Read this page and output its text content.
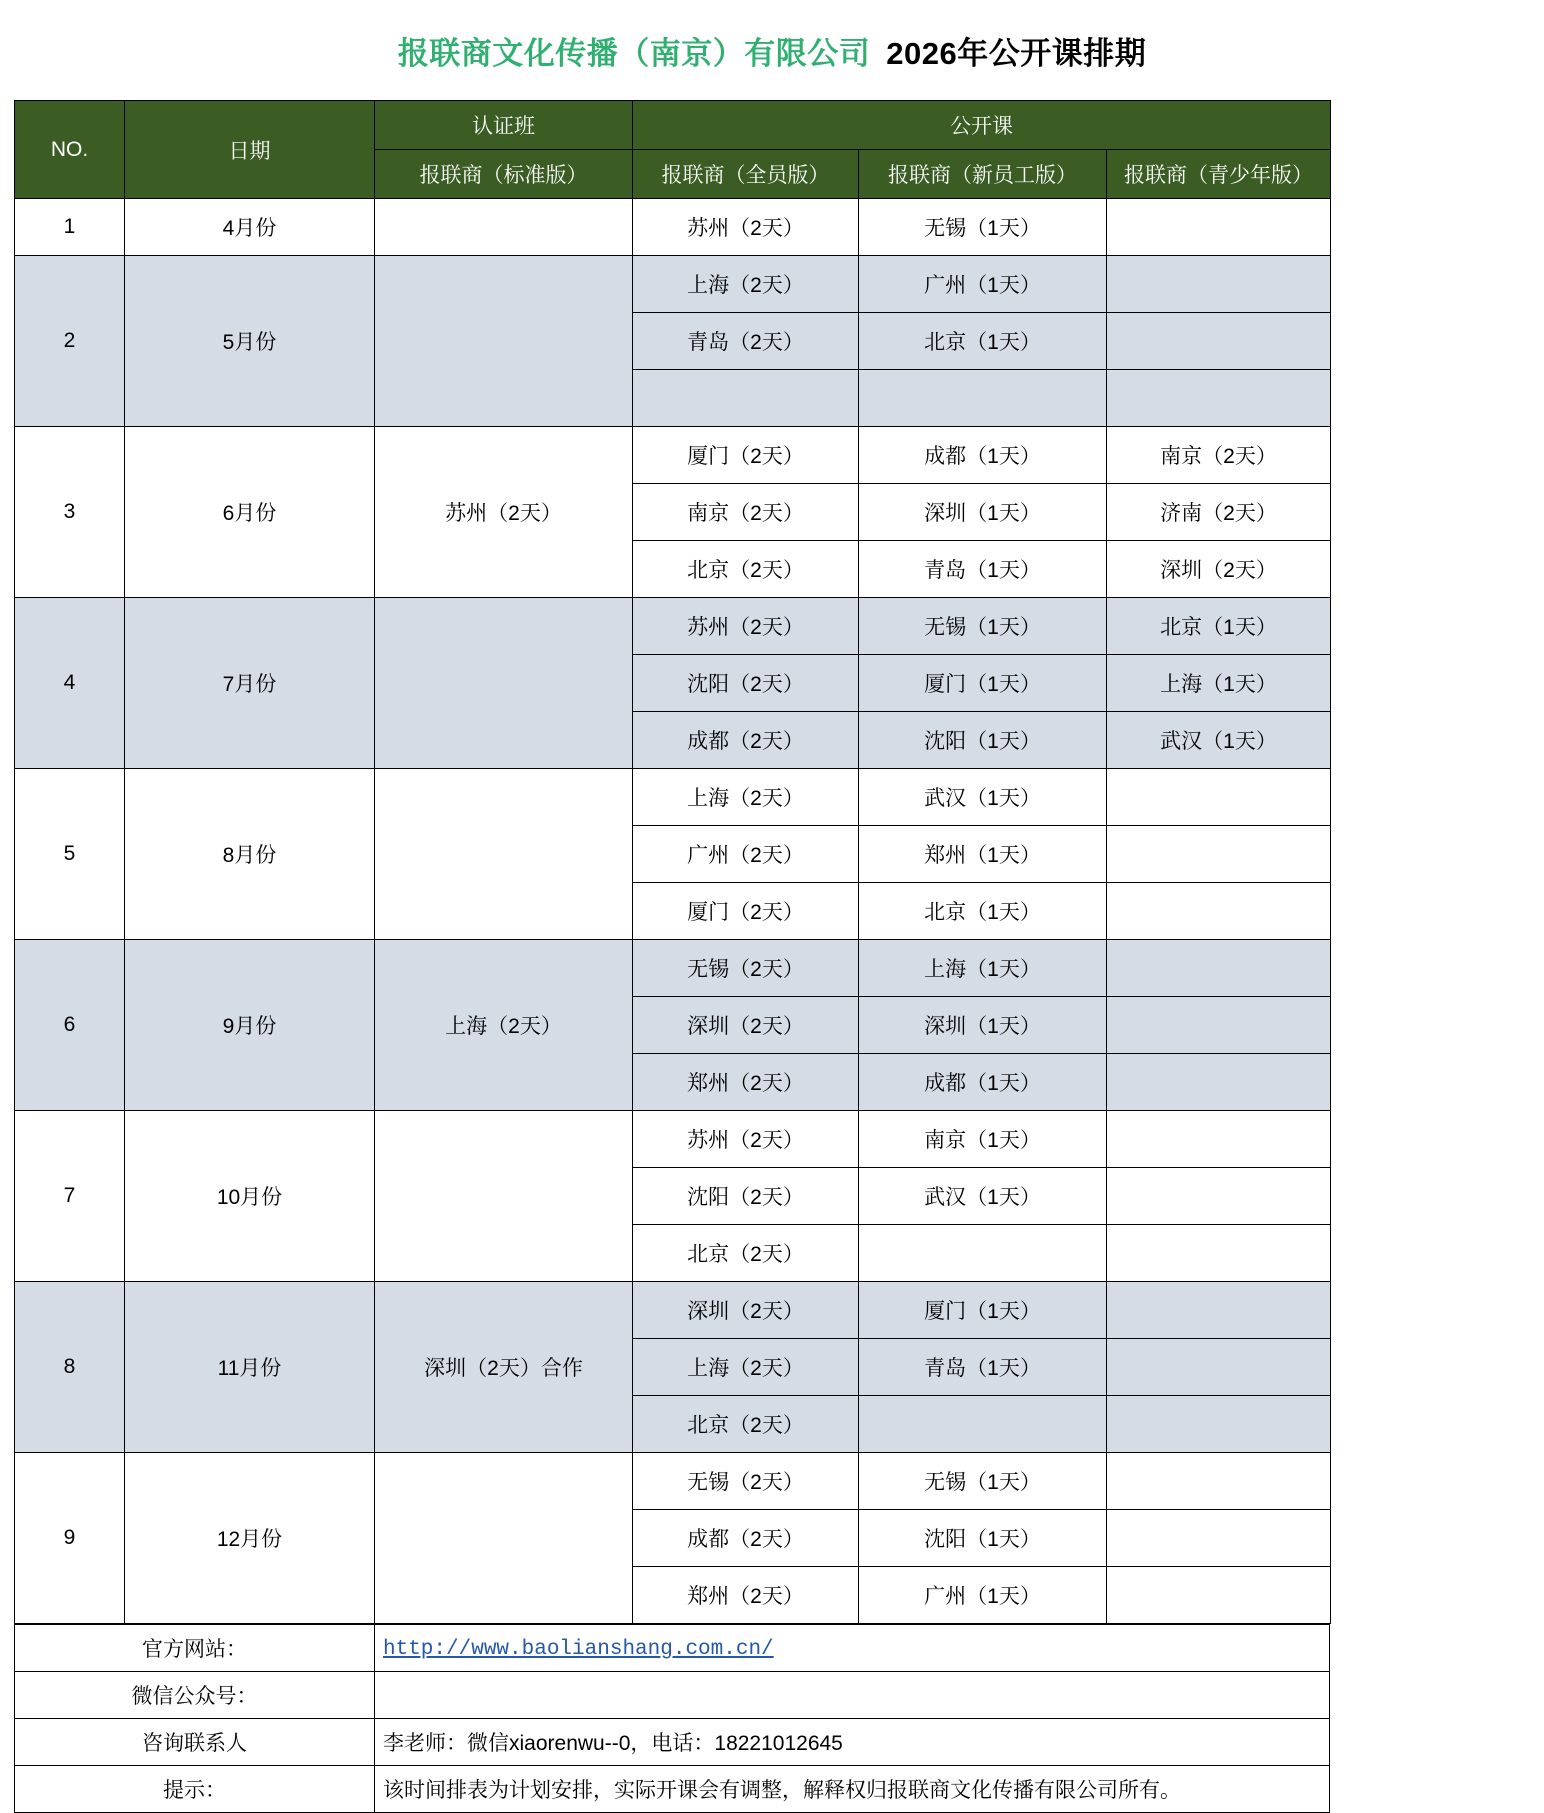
报联商文化传播（南京）有限公司 2026年公开课排期
NO.	日期	认证班	公开课		
		报联商（标准版）	报联商（全员版）	报联商（新员工版）	报联商（青少年版）
1	4月份		苏州（2天）	无锡（1天）	
2	5月份		上海（2天）	广州（1天）	
			青岛（2天）	北京（1天）	

3	6月份	苏州（2天）	厦门（2天）	成都（1天）	南京（2天）
			南京（2天）	深圳（1天）	济南（2天）
			北京（2天）	青岛（1天）	深圳（2天）
4	7月份		苏州（2天）	无锡（1天）	北京（1天）
			沈阳（2天）	厦门（1天）	上海（1天）
			成都（2天）	沈阳（1天）	武汉（1天）
5	8月份		上海（2天）	武汉（1天）	
			广州（2天）	郑州（1天）	
			厦门（2天）	北京（1天）	
6	9月份	上海（2天）	无锡（2天）	上海（1天）	
			深圳（2天）	深圳（1天）	
			郑州（2天）	成都（1天）	
7	10月份		苏州（2天）	南京（1天）	
			沈阳（2天）	武汉（1天）	
			北京（2天）		
8	11月份	深圳（2天）合作	深圳（2天）	厦门（1天）	
			上海（2天）	青岛（1天）	
			北京（2天）		
9	12月份		无锡（2天）	无锡（1天）	
			成都（2天）	沈阳（1天）	
			郑州（2天）	广州（1天）	
官方网站：	http://www.baolianshang.com.cn/
微信公众号：	
咨询联系人	李老师：微信xiaorenwu--0，电话：18221012645
提示：	该时间排表为计划安排，实际开课会有调整，解释权归报联商文化传播有限公司所有。
